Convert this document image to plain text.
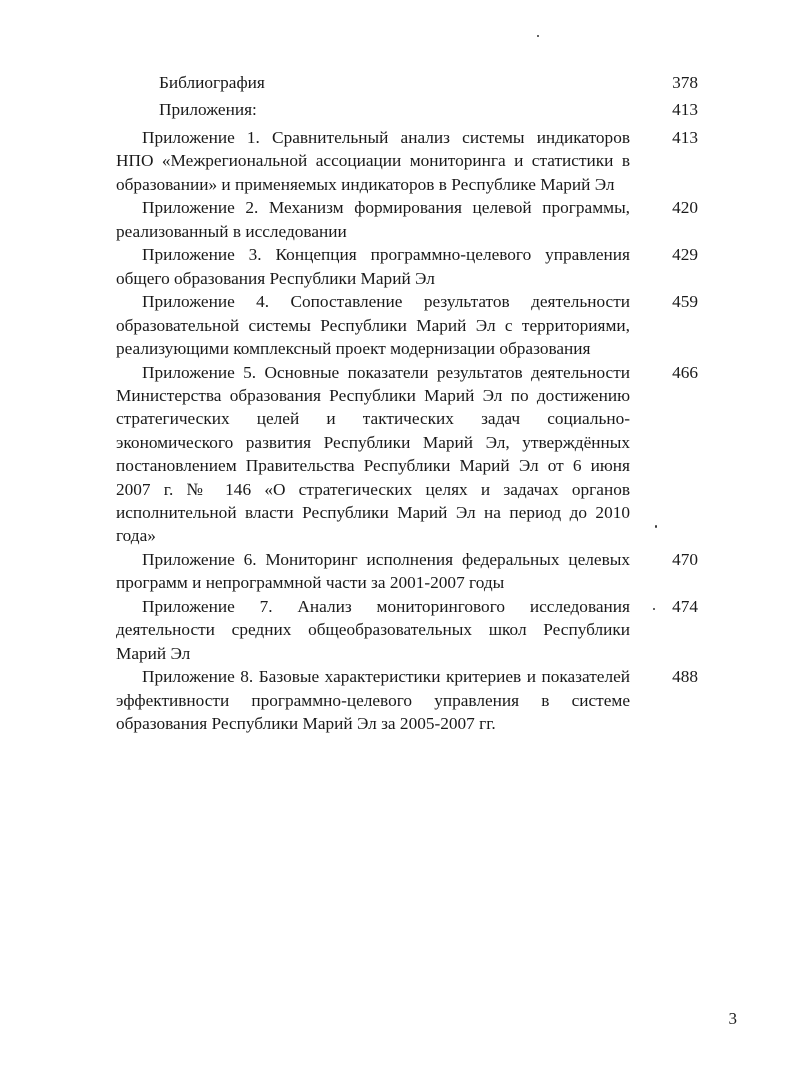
Библиография	378
Приложения:	413
Приложение 1. Сравнительный анализ системы индикаторов НПО «Межрегиональной ассоциации мониторинга и статистики в образовании» и применяемых индикаторов в Республике Марий Эл
413
Приложение 2. Механизм формирования целевой программы, реализованный в исследовании
420
Приложение 3. Концепция программно-целевого управления общего образования Республики Марий Эл
429
Приложение 4. Сопоставление результатов деятельности образовательной системы Республики Марий Эл с территориями, реализующими комплексный проект модернизации образования
459
Приложение 5. Основные показатели результатов деятельности Министерства образования Республики Марий Эл по достижению стратегических целей и тактических задач социально-экономического развития Республики Марий Эл, утверждённых постановлением Правительства Республики Марий Эл от 6 июня 2007 г. № 146 «О стратегических целях и задачах органов исполнительной власти Республики Марий Эл на период до 2010 года»
466
Приложение 6. Мониторинг исполнения федеральных целевых программ и непрограммной части за 2001-2007 годы
470
Приложение 7. Анализ мониторингового исследования деятельности средних общеобразовательных школ Республики Марий Эл
474
Приложение 8. Базовые характеристики критериев и показателей эффективности программно-целевого управления в системе образования Республики Марий Эл за 2005-2007 гг.
488
3
